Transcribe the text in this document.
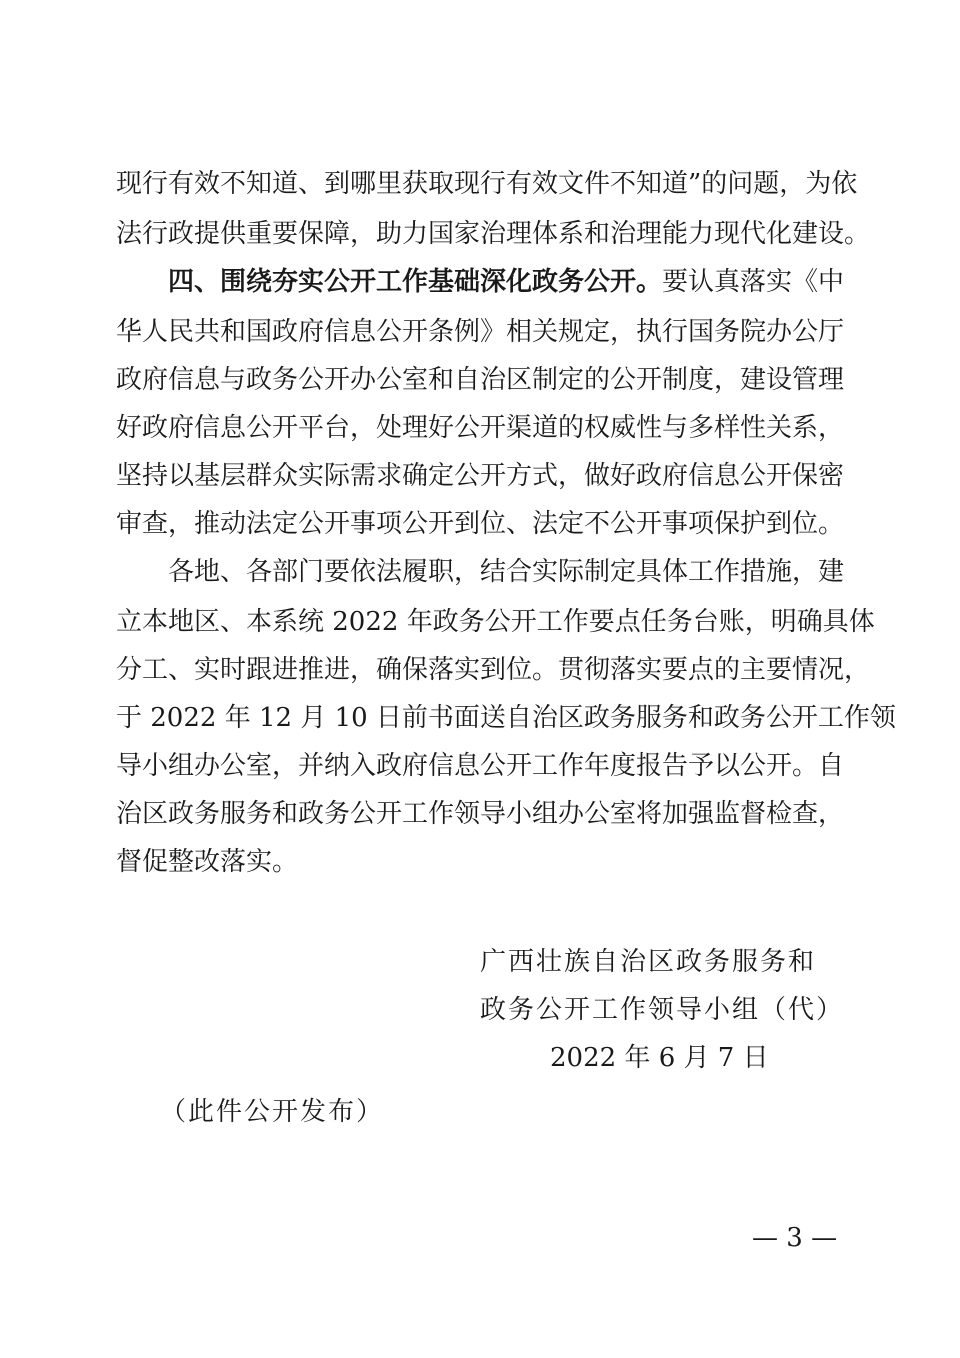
现行有效不知道、到哪里获取现行有效文件不知道”的问题，为依
法行政提供重要保障，助力国家治理体系和治理能力现代化建设。
四、围绕夯实公开工作基础深化政务公开。要认真落实《中
华人民共和国政府信息公开条例》相关规定，执行国务院办公厅
政府信息与政务公开办公室和自治区制定的公开制度，建设管理
好政府信息公开平台，处理好公开渠道的权威性与多样性关系，
坚持以基层群众实际需求确定公开方式，做好政府信息公开保密
审查，推动法定公开事项公开到位、法定不公开事项保护到位。
各地、各部门要依法履职，结合实际制定具体工作措施，建
立本地区、本系统 2022 年政务公开工作要点任务台账，明确具体
分工、实时跟进推进，确保落实到位。贯彻落实要点的主要情况，
于 2022 年 12 月 10 日前书面送自治区政务服务和政务公开工作领
导小组办公室，并纳入政府信息公开工作年度报告予以公开。自
治区政务服务和政务公开工作领导小组办公室将加强监督检查，
督促整改落实。
广西壮族自治区政务服务和
政务公开工作领导小组（代）
2022 年 6 月 7 日
（此件公开发布）
— 3 —
